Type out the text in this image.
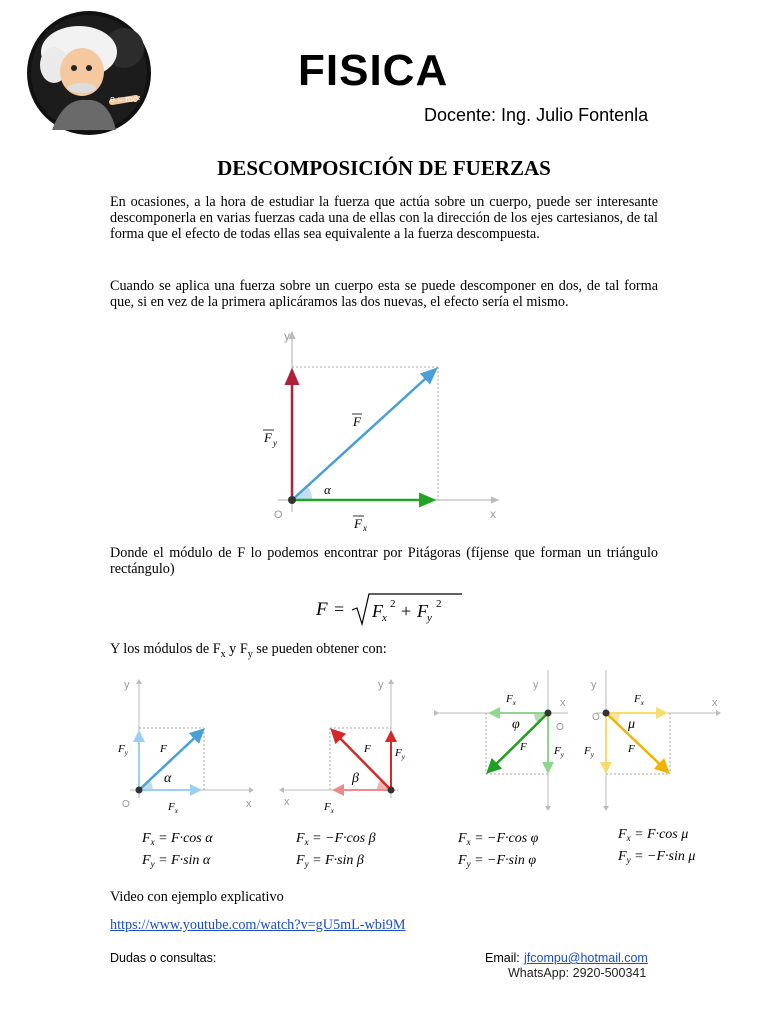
e = mc²
FISICA
Docente: Ing. Julio Fontenla
DESCOMPOSICIÓN DE FUERZAS
En ocasiones, a la hora de estudiar la fuerza que actúa sobre un cuerpo, puede ser interesante descomponerla en varias fuerzas cada una de ellas con la dirección de los ejes cartesianos, de tal forma que el efecto de todas ellas sea equivalente a la fuerza descompuesta.
Cuando se aplica una fuerza sobre un cuerpo esta se puede descomponer en dos, de tal forma que, si en vez de la primera aplicáramos las dos nuevas, el efecto sería el mismo.
y
x
O
F
F x
F y
α
Donde el módulo de F lo podemos encontrar por Pitágoras (fíjense que forman un triángulo rectángulo)
F = F x
2 + F y
2
Y los módulos de $F_x$ y $F_y$ se pueden obtener con:
y
x
O
F
$F_y$
$F_x$
α
$F_x = F\cdot\cos$ α
$F_y = F\cdot\sin$ α
y
x
F $F_y$
$F_x$
β
$F_x = -F\cdot\cos$ β
$F_y = F\cdot\sin$ β
y
x
O
$F_x$
F $F_y$
φ
$F_x = -F\cdot\cos$ φ
$F_y = -F\cdot\sin$ φ
y
x
O
$F_x$
F
$F_y$
μ
$F_x = F\cdot\cos$ μ
$F_y = -F\cdot\sin$ μ
Video con ejemplo explicativo
https://www.youtube.com/watch?v=gU5mL-wbi9M
Dudas o consultas:	Email: jfcompu@hotmail.com
WhatsApp: 2920-500341
